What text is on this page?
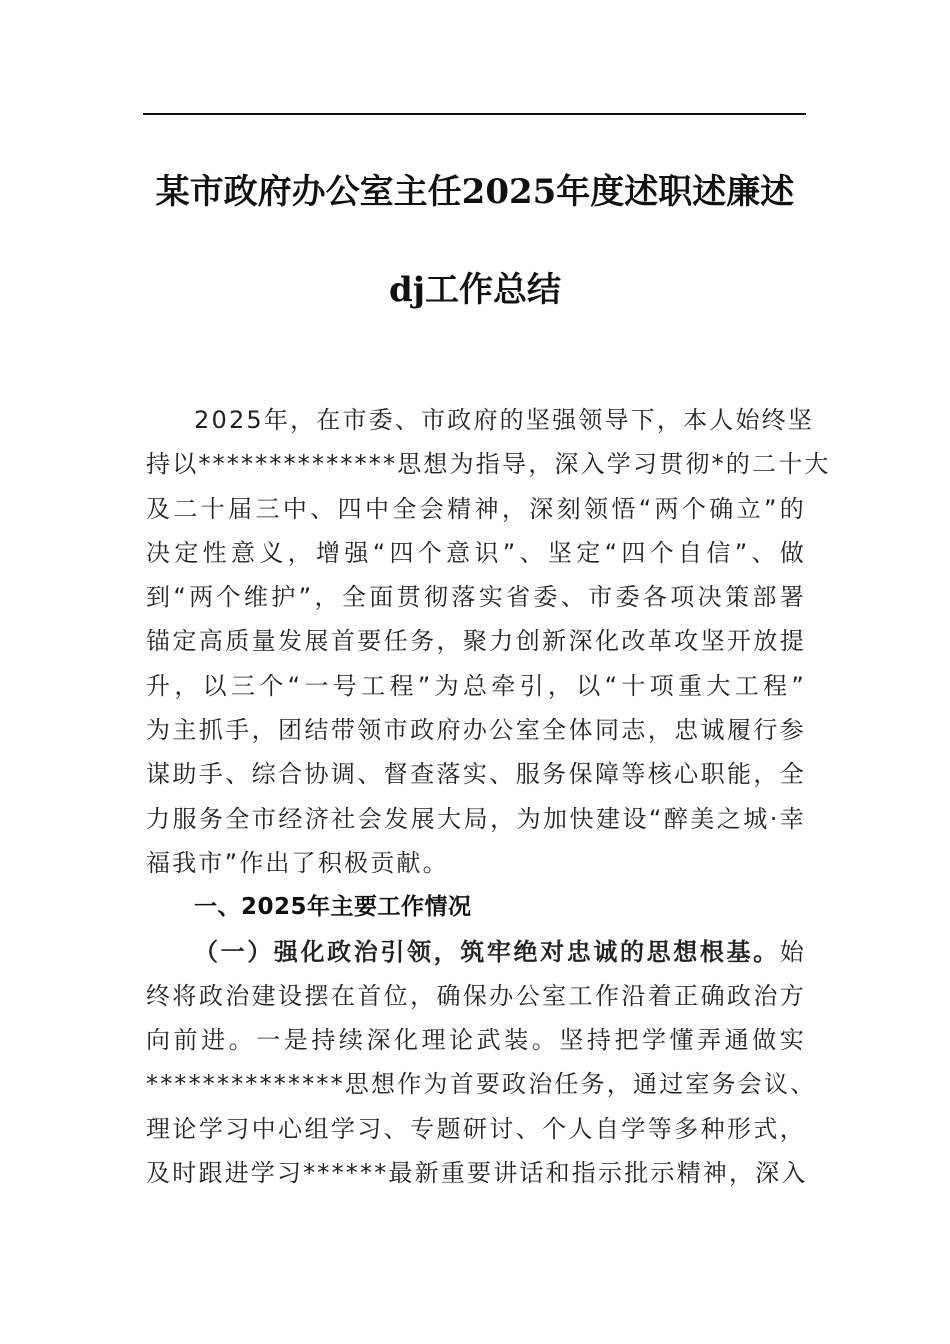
某市政府办公室主任2025年度述职述廉述
dj工作总结
2025年，在市委、市政府的坚强领导下，本人始终坚
持以**************思想为指导，深入学习贯彻*的二十大
及二十届三中、四中全会精神，深刻领悟“两个确立”的
决定性意义，增强“四个意识”、坚定“四个自信”、做
到“两个维护”，全面贯彻落实省委、市委各项决策部署
锚定高质量发展首要任务，聚力创新深化改革攻坚开放提
升，以三个“一号工程”为总牵引，以“十项重大工程”
为主抓手，团结带领市政府办公室全体同志，忠诚履行参
谋助手、综合协调、督查落实、服务保障等核心职能，全
力服务全市经济社会发展大局，为加快建设“醉美之城·幸
福我市”作出了积极贡献。
一、2025年主要工作情况
（一）强化政治引领，筑牢绝对忠诚的思想根基。始
终将政治建设摆在首位，确保办公室工作沿着正确政治方
向前进。一是持续深化理论武装。坚持把学懂弄通做实
**************思想作为首要政治任务，通过室务会议、
理论学习中心组学习、专题研讨、个人自学等多种形式，
及时跟进学习******最新重要讲话和指示批示精神，深入
